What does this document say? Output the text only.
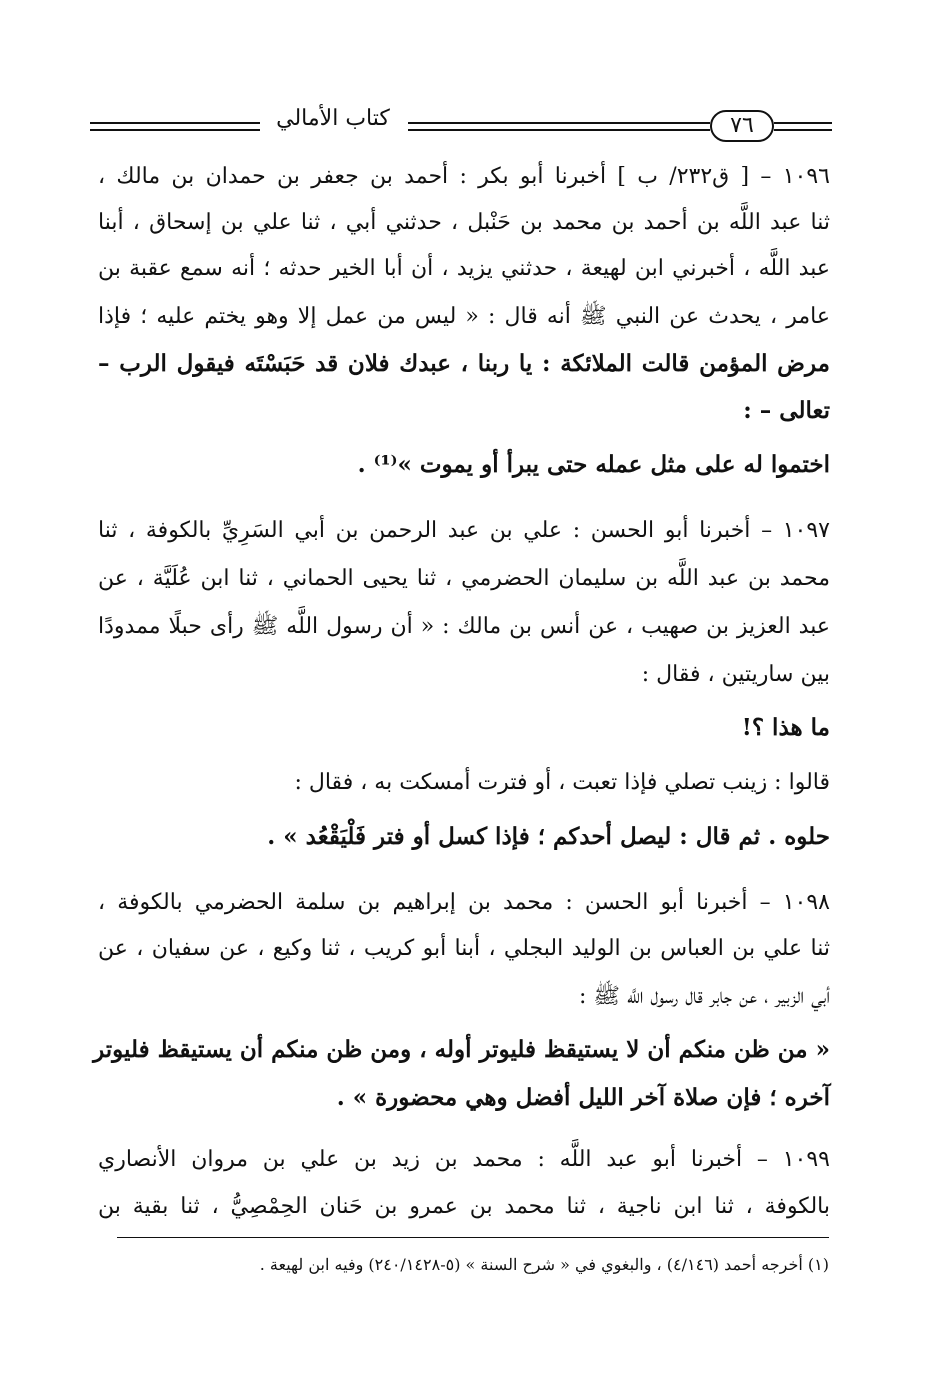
كتاب الأمالي	٧٦
١٠٩٦ – [ ق٢٣٢/ ب ] أخبرنا أبو بكر : أحمد بن جعفر بن حمدان بن مالك ،
ثنا عبد اللَّه بن أحمد بن محمد بن حَنْبل ، حدثني أبي ، ثنا علي بن إسحاق ، أبنا
عبد اللَّه ، أخبرني ابن لهيعة ، حدثني يزيد ، أن أبا الخير حدثه ؛ أنه سمع عقبة بن
عامر ، يحدث عن النبي ﷺ أنه قال : « ليس من عمل إلا وهو يختم عليه ؛ فإذا
مرض المؤمن قالت الملائكة : يا ربنا ، عبدك فلان قد حَبَسْتَه فيقول الرب –
تعالى – :
اختموا له على مثل عمله حتى يبرأ أو يموت »⁽¹⁾ .
١٠٩٧ – أخبرنا أبو الحسن : علي بن عبد الرحمن بن أبي السَرِيِّ بالكوفة ، ثنا
محمد بن عبد اللَّه بن سليمان الحضرمي ، ثنا يحيى الحماني ، ثنا ابن عُلَيَّة ، عن
عبد العزيز بن صهيب ، عن أنس بن مالك : « أن رسول اللَّه ﷺ رأى حبلًا ممدودًا
بين ساريتين ، فقال :
ما هذا ؟!
قالوا : زينب تصلي فإذا تعبت ، أو فترت أمسكت به ، فقال :
حلوه . ثم قال : ليصل أحدكم ؛ فإذا كسل أو فتر فَلْيَقْعُد » .
١٠٩٨ – أخبرنا أبو الحسن : محمد بن إبراهيم بن سلمة الحضرمي بالكوفة ،
ثنا علي بن العباس بن الوليد البجلي ، أبنا أبو كريب ، ثنا وكيع ، عن سفيان ، عن
أبي الزبير ، عن جابر قال رسول اللَّه ﷺ :
« من ظن منكم أن لا يستيقظ فليوتر أوله ، ومن ظن منكم أن يستيقظ فليوتر
آخره ؛ فإن صلاة آخر الليل أفضل وهي محضورة » .
١٠٩٩ – أخبرنا أبو عبد اللَّه : محمد بن زيد بن علي بن مروان الأنصاري
بالكوفة ، ثنا ابن ناجية ، ثنا محمد بن عمرو بن حَنان الحِمْصِيُّ ، ثنا بقية بن
(١) أخرجه أحمد (٤/١٤٦) ، والبغوي في « شرح السنة » (٥-٢٤٠/١٤٢٨) وفيه ابن لهيعة .
